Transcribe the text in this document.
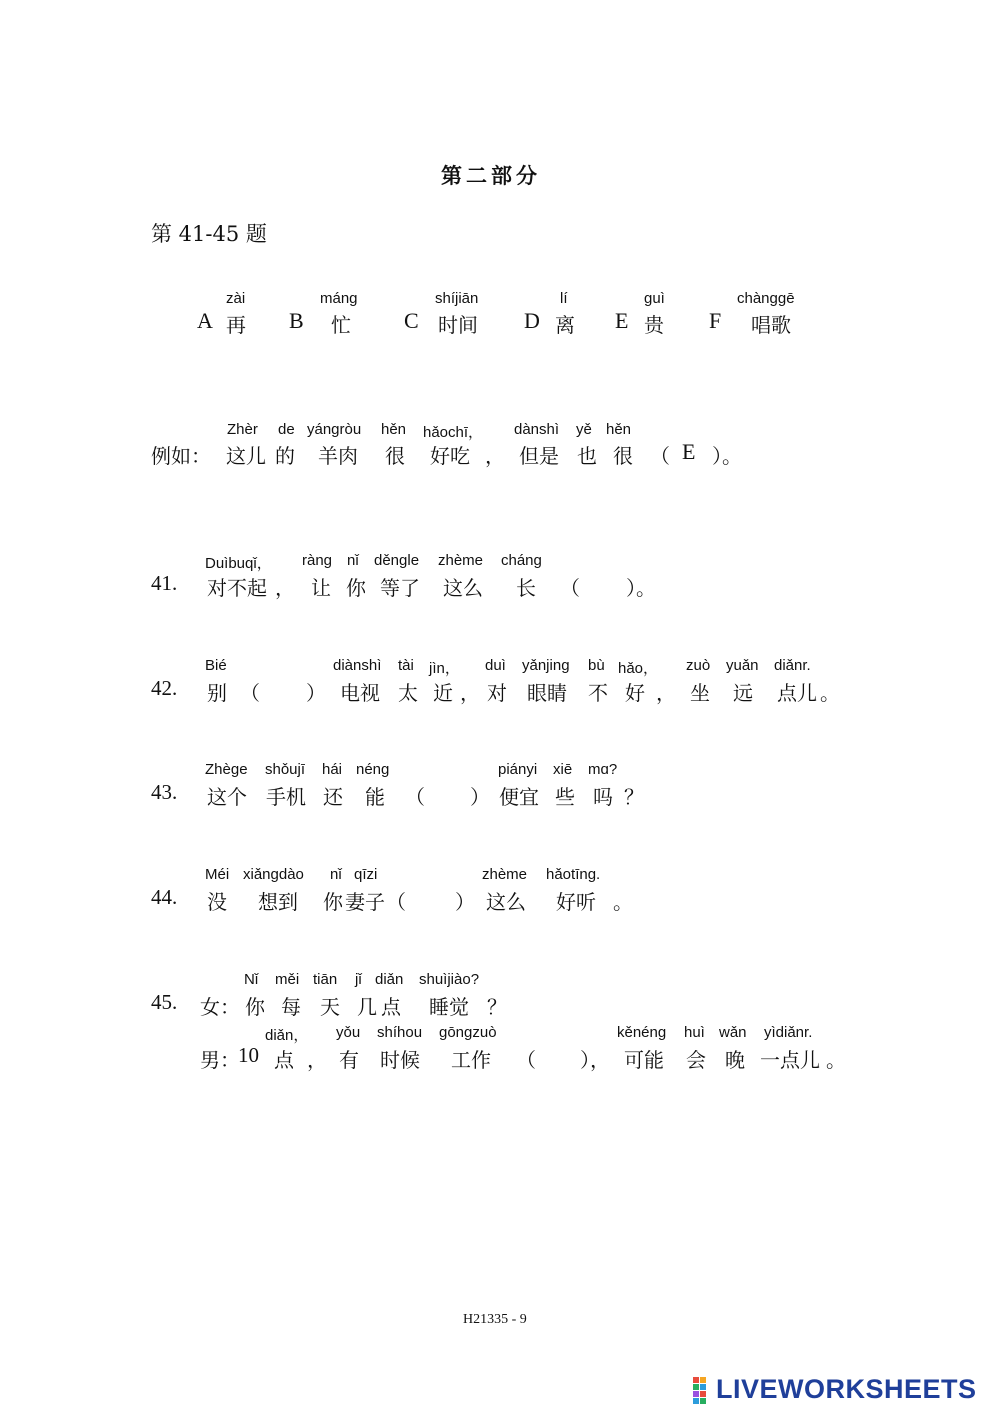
第二部分
第 41-45 题
zài
A 再
máng
B 忙
shíjiān
C 时间
lí
D 离
guì
E 贵
chànggē
F 唱歌
Zhèr de yángròu hěn hǎochī， dànshì yě hěn
例如： 这儿 的 羊肉 很 好吃 ， 但是 也 很 （ E ）。
Duìbuqǐ， ràng nǐ děngle zhème cháng
41. 对不起 ， 让 你 等了 这么 长 （ ）。
Bié	diànshì tài jìn， duì yǎnjing bù hǎo， zuò yuǎn diǎnr.
42. 别 （ ） 电视 太 近 ， 对 眼睛 不 好 ， 坐 远 点儿 。
Zhège shǒujī hái néng	piányi xiē mɑ?
43. 这个 手机 还 能 （ ） 便宜 些 吗 ？
Méi xiǎngdào nǐ qīzi	zhème hǎotīng.
44. 没 想到 你 妻子 （ ） 这么 好听 。
Nǐ měi tiān jǐ diǎn shuìjiào?
45. 女： 你 每 天 几 点 睡觉 ？
diǎn， yǒu shíhou gōngzuò	kěnéng huì wǎn yìdiǎnr.
男：
10 点 ， 有 时候 工作 （ ）， 可能 会 晚 一点儿 。
H21335 - 9
LIVEWORKSHEETS
